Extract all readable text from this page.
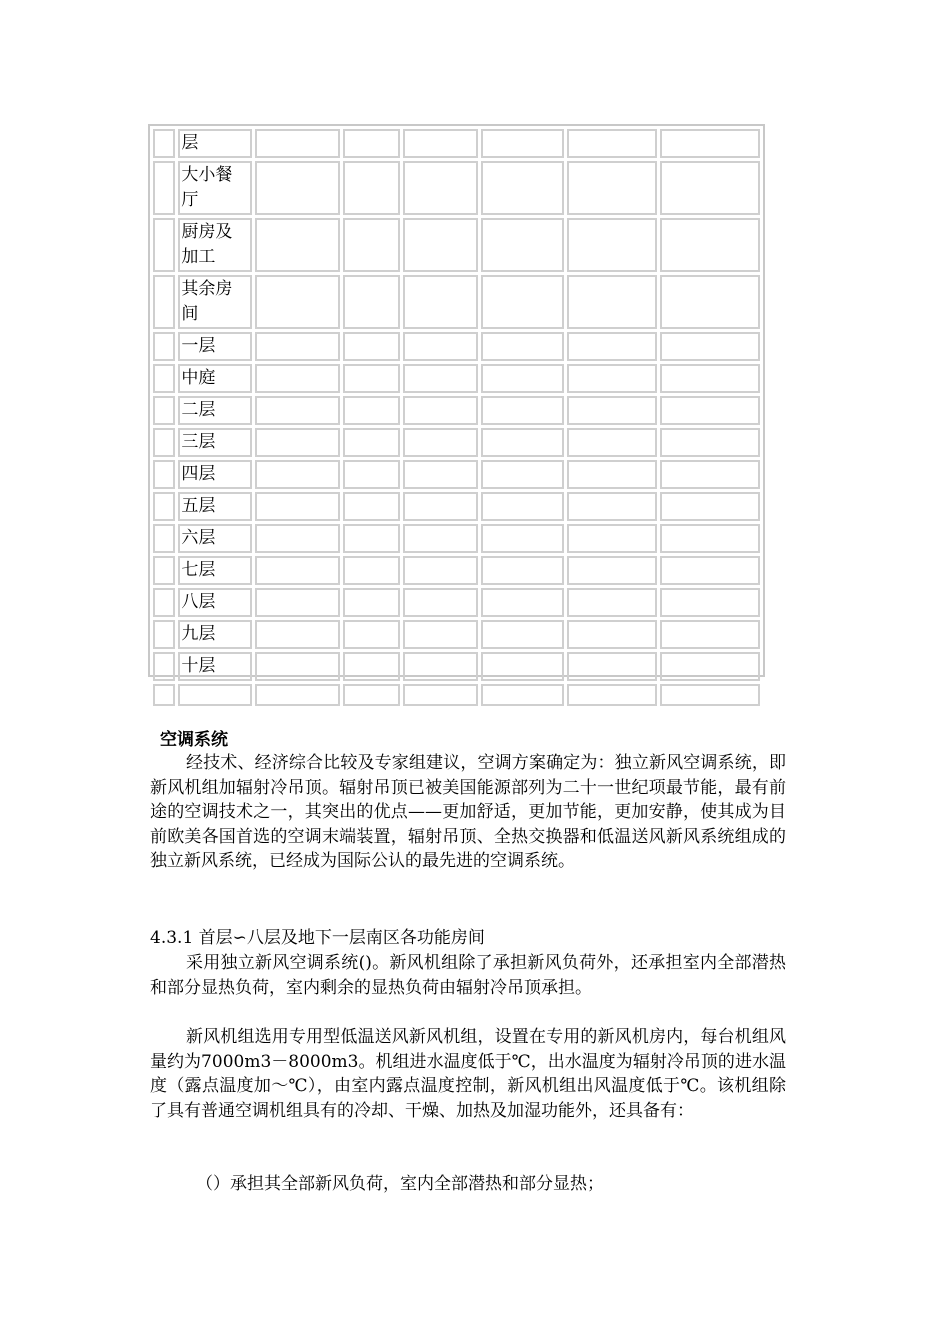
	层						
	大小餐厅						
	厨房及加工						
	其余房间						
	一层						
	中庭						
	二层						
	三层						
	四层						
	五层						
	六层						
	七层						
	八层						
	九层						
	十层						

空调系统

经技术、经济综合比较及专家组建议，空调方案确定为：独立新风空调系统，即新风机组加辐射冷吊顶。辐射吊顶已被美国能源部列为二十一世纪项最节能，最有前途的空调技术之一，其突出的优点——更加舒适，更加节能，更加安静，使其成为目前欧美各国首选的空调末端装置，辐射吊顶、全热交换器和低温送风新风系统组成的独立新风系统，已经成为国际公认的最先进的空调系统。

4.3.1 首层∽八层及地下一层南区各功能房间

采用独立新风空调系统()。新风机组除了承担新风负荷外，还承担室内全部潜热和部分显热负荷，室内剩余的显热负荷由辐射冷吊顶承担。

新风机组选用专用型低温送风新风机组，设置在专用的新风机房内，每台机组风量约为7000m3－8000m3。机组进水温度低于℃，出水温度为辐射冷吊顶的进水温度（露点温度加～℃），由室内露点温度控制，新风机组出风温度低于℃。该机组除了具有普通空调机组具有的冷却、干燥、加热及加湿功能外，还具备有：

（）承担其全部新风负荷，室内全部潜热和部分显热；
